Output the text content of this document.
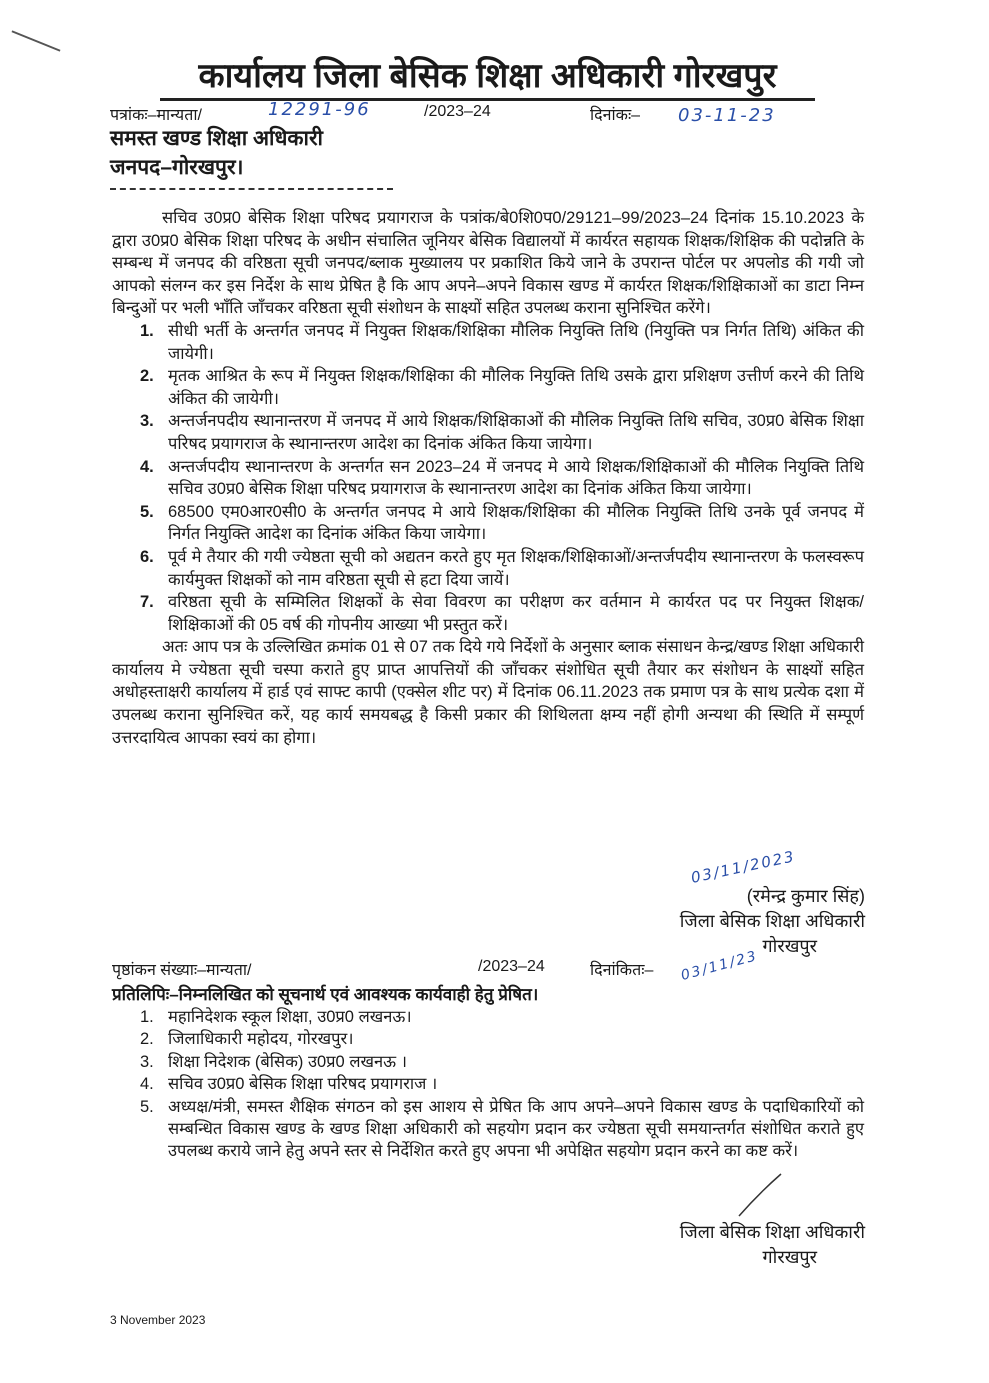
कार्यालय जिला बेसिक शिक्षा अधिकारी गोरखपुर
पत्रांकः–मान्यता/	12291-96	/2023–24	दिनांकः– 03-11-23
समस्त खण्ड शिक्षा अधिकारी
जनपद–गोरखपुर।

सचिव उ0प्र0 बेसिक शिक्षा परिषद प्रयागराज के पत्रांक/बे0शि0प0/29121–99/2023–24 दिनांक 15.10.2023 के द्वारा उ0प्र0 बेसिक शिक्षा परिषद के अधीन संचालित जूनियर बेसिक विद्यालयों में कार्यरत सहायक शिक्षक/शिक्षिक की पदोन्नति के सम्बन्ध में जनपद की वरिष्ठता सूची जनपद/ब्लाक मुख्यालय पर प्रकाशित किये जाने के उपरान्त पोर्टल पर अपलोड की गयी जो आपको संलग्न कर इस निर्देश के साथ प्रेषित है कि आप अपने–अपने विकास खण्ड में कार्यरत शिक्षक/शिक्षिकाओं का डाटा निम्न बिन्दुओं पर भली भाँति जाँचकर वरिष्ठता सूची संशोधन के साक्ष्यों सहित उपलब्ध कराना सुनिश्चित करेंगे।

1. सीधी भर्ती के अन्तर्गत जनपद में नियुक्त शिक्षक/शिक्षिका मौलिक नियुक्ति तिथि (नियुक्ति पत्र निर्गत तिथि) अंकित की जायेगी।
2. मृतक आश्रित के रूप में नियुक्त शिक्षक/शिक्षिका की मौलिक नियुक्ति तिथि उसके द्वारा प्रशिक्षण उत्तीर्ण करने की तिथि अंकित की जायेगी।
3. अन्तर्जनपदीय स्थानान्तरण में जनपद में आये शिक्षक/शिक्षिकाओं की मौलिक नियुक्ति तिथि सचिव, उ0प्र0 बेसिक शिक्षा परिषद प्रयागराज के स्थानान्तरण आदेश का दिनांक अंकित किया जायेगा।
4. अन्तर्जपदीय स्थानान्तरण के अन्तर्गत सन 2023–24 में जनपद मे आये शिक्षक/शिक्षिकाओं की मौलिक नियुक्ति तिथि सचिव उ0प्र0 बेसिक शिक्षा परिषद प्रयागराज के स्थानान्तरण आदेश का दिनांक अंकित किया जायेगा।
5. 68500 एम0आर0सी0 के अन्तर्गत जनपद मे आये शिक्षक/शिक्षिका की मौलिक नियुक्ति तिथि उनके पूर्व जनपद में निर्गत नियुक्ति आदेश का दिनांक अंकित किया जायेगा।
6. पूर्व मे तैयार की गयी ज्येष्ठता सूची को अद्यतन करते हुए मृत शिक्षक/शिक्षिकाओं/अन्तर्जपदीय स्थानान्तरण के फलस्वरूप कार्यमुक्त शिक्षकों को नाम वरिष्ठता सूची से हटा दिया जायें।
7. वरिष्ठता सूची के सम्मिलित शिक्षकों के सेवा विवरण का परीक्षण कर वर्तमान मे कार्यरत पद पर नियुक्त शिक्षक/शिक्षिकाओं की 05 वर्ष की गोपनीय आख्या भी प्रस्तुत करें।

अतः आप पत्र के उल्लिखित क्रमांक 01 से 07 तक दिये गये निर्देशों के अनुसार ब्लाक संसाधन केन्द्र/खण्ड शिक्षा अधिकारी कार्यालय मे ज्येष्ठता सूची चस्पा कराते हुए प्राप्त आपत्तियों की जाँचकर संशोधित सूची तैयार कर संशोधन के साक्ष्यों सहित अधोहस्ताक्षरी कार्यालय में हार्ड एवं साफ्ट कापी (एक्सेल शीट पर) में दिनांक 06.11.2023 तक प्रमाण पत्र के साथ प्रत्येक दशा में उपलब्ध कराना सुनिश्चित करें, यह कार्य समयबद्ध है किसी प्रकार की शिथिलता क्षम्य नहीं होगी अन्यथा की स्थिति में सम्पूर्ण उत्तरदायित्व आपका स्वयं का होगा।

03/11/2023
(रमेन्द्र कुमार सिंह)
जिला बेसिक शिक्षा अधिकारी
गोरखपुर
पृष्ठांकन संख्याः–मान्यता/	/2023–24	दिनांकितः– 03/11/23
प्रतिलिपिः–निम्नलिखित को सूचनार्थ एवं आवश्यक कार्यवाही हेतु प्रेषित।
1. महानिदेशक स्कूल शिक्षा, उ0प्र0 लखनऊ।
2. जिलाधिकारी महोदय, गोरखपुर।
3. शिक्षा निदेशक (बेसिक) उ0प्र0 लखनऊ ।
4. सचिव उ0प्र0 बेसिक शिक्षा परिषद प्रयागराज ।
5. अध्यक्ष/मंत्री, समस्त शैक्षिक संगठन को इस आशय से प्रेषित कि आप अपने–अपने विकास खण्ड के पदाधिकारियों को सम्बन्धित विकास खण्ड के खण्ड शिक्षा अधिकारी को सहयोग प्रदान कर ज्येष्ठता सूची समयान्तर्गत संशोधित कराते हुए उपलब्ध कराये जाने हेतु अपने स्तर से निर्देशित करते हुए अपना भी अपेक्षित सहयोग प्रदान करने का कष्ट करें।
जिला बेसिक शिक्षा अधिकारी
गोरखपुर
3 November 2023
